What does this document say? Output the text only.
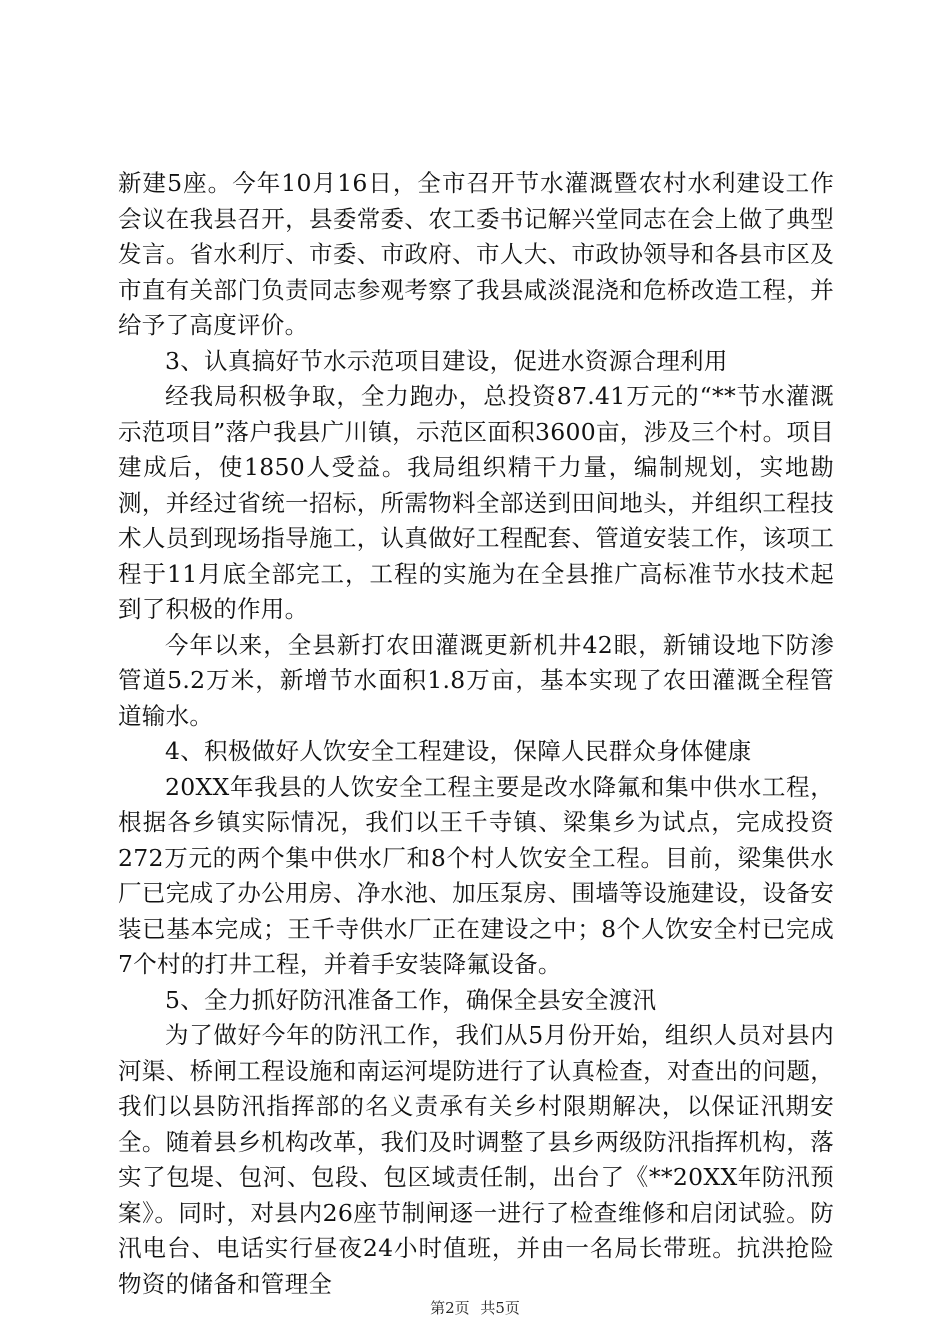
新建5座。今年10月16日，全市召开节水灌溉暨农村水利建设工作会议在我县召开，县委常委、农工委书记解兴堂同志在会上做了典型发言。省水利厅、市委、市政府、市人大、市政协领导和各县市区及市直有关部门负责同志参观考察了我县咸淡混浇和危桥改造工程，并给予了高度评价。

3、认真搞好节水示范项目建设，促进水资源合理利用

经我局积极争取，全力跑办，总投资87.41万元的“**节水灌溉示范项目”落户我县广川镇，示范区面积3600亩，涉及三个村。项目建成后，使1850人受益。我局组织精干力量，编制规划，实地勘测，并经过省统一招标，所需物料全部送到田间地头，并组织工程技术人员到现场指导施工，认真做好工程配套、管道安装工作，该项工程于11月底全部完工，工程的实施为在全县推广高标准节水技术起到了积极的作用。

今年以来，全县新打农田灌溉更新机井42眼，新铺设地下防渗管道5.2万米，新增节水面积1.8万亩，基本实现了农田灌溉全程管道输水。

4、积极做好人饮安全工程建设，保障人民群众身体健康

20XX年我县的人饮安全工程主要是改水降氟和集中供水工程，根据各乡镇实际情况，我们以王千寺镇、梁集乡为试点，完成投资272万元的两个集中供水厂和8个村人饮安全工程。目前，梁集供水厂已完成了办公用房、净水池、加压泵房、围墙等设施建设，设备安装已基本完成；王千寺供水厂正在建设之中；8个人饮安全村已完成7个村的打井工程，并着手安装降氟设备。

5、全力抓好防汛准备工作，确保全县安全渡汛

为了做好今年的防汛工作，我们从5月份开始，组织人员对县内河渠、桥闸工程设施和南运河堤防进行了认真检查，对查出的问题，我们以县防汛指挥部的名义责承有关乡村限期解决，以保证汛期安全。随着县乡机构改革，我们及时调整了县乡两级防汛指挥机构，落实了包堤、包河、包段、包区域责任制，出台了《**20XX年防汛预案》。同时，对县内26座节制闸逐一进行了检查维修和启闭试验。防汛电台、电话实行昼夜24小时值班，并由一名局长带班。抗洪抢险物资的储备和管理全

第2页 共5页
